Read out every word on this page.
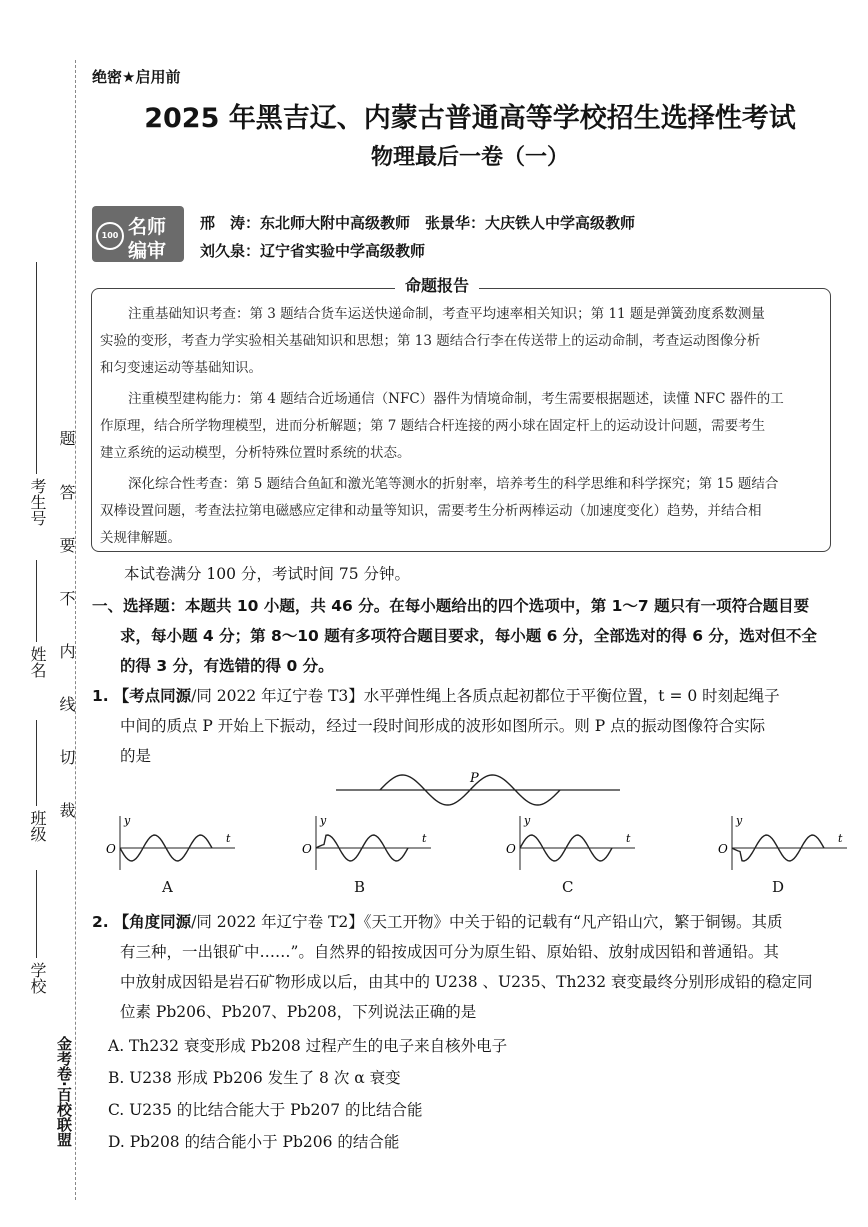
考生号
姓名
班级
学校
金考卷·百校联盟
题
答
要
不
内
线
切
裁
绝密★启用前
2025 年黑吉辽、内蒙古普通高等学校招生选择性考试
物理最后一卷（一）
100 名师
编审
邢　涛：东北师大附中高级教师　张景华：大庆铁人中学高级教师
刘久泉：辽宁省实验中学高级教师
命题报告
注重基础知识考查：第 3 题结合货车运送快递命制，考查平均速率相关知识；第 11 题是弹簧劲度系数测量
实验的变形，考查力学实验相关基础知识和思想；第 13 题结合行李在传送带上的运动命制，考查运动图像分析
和匀变速运动等基础知识。
注重模型建构能力：第 4 题结合近场通信（NFC）器件为情境命制，考生需要根据题述，读懂 NFC 器件的工
作原理，结合所学物理模型，进而分析解题；第 7 题结合杆连接的两小球在固定杆上的运动设计问题，需要考生
建立系统的运动模型，分析特殊位置时系统的状态。
深化综合性考查：第 5 题结合鱼缸和激光笔等测水的折射率，培养考生的科学思维和科学探究；第 15 题结合
双棒设置问题，考查法拉第电磁感应定律和动量等知识，需要考生分析两棒运动（加速度变化）趋势，并结合相
关规律解题。
本试卷满分 100 分，考试时间 75 分钟。
一、选择题：本题共 10 小题，共 46 分。在每小题给出的四个选项中，第 1～7 题只有一项符合题目要
求，每小题 4 分；第 8～10 题有多项符合题目要求，每小题 6 分，全部选对的得 6 分，选对但不全
的得 3 分，有选错的得 0 分。
1. 【考点同源/同 2022 年辽宁卷 T3】水平弹性绳上各质点起初都位于平衡位置，t = 0 时刻起绳子
中间的质点 P 开始上下振动，经过一段时间形成的波形如图所示。则 P 点的振动图像符合实际
的是
P
y
t
O
y
t
O
y
t
O
y
t
O
A	B	C	D
2. 【角度同源/同 2022 年辽宁卷 T2】《天工开物》中关于铅的记载有“凡产铅山穴，繁于铜锡。其质
有三种，一出银矿中……”。自然界的铅按成因可分为原生铅、原始铅、放射成因铅和普通铅。其
中放射成因铅是岩石矿物形成以后，由其中的 U238 、U235、Th232 衰变最终分别形成铅的稳定同
位素 Pb206、Pb207、Pb208，下列说法正确的是
A. Th232 衰变形成 Pb208 过程产生的电子来自核外电子
B. U238 形成 Pb206 发生了 8 次 α 衰变
C. U235 的比结合能大于 Pb207 的比结合能
D. Pb208 的结合能小于 Pb206 的结合能
